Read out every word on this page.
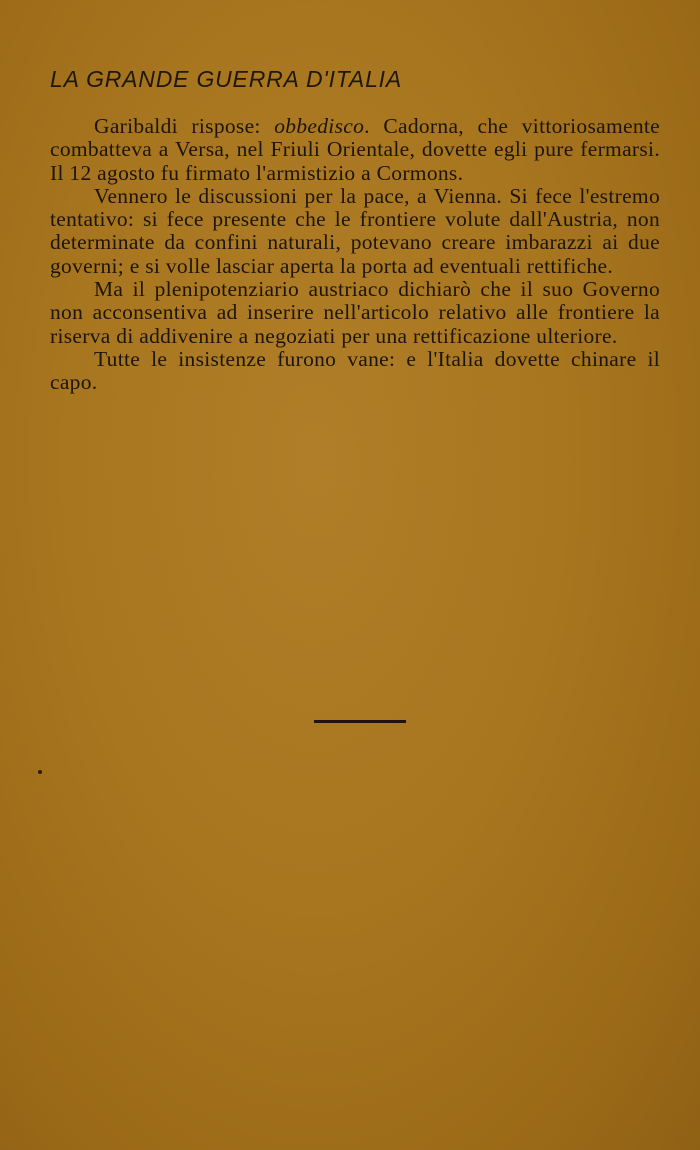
LA GRANDE GUERRA D'ITALIA

Garibaldi rispose: obbedisco. Cadorna, che vittoriosamente combatteva a Versa, nel Friuli Orientale, dovette egli pure fermarsi. Il 12 agosto fu firmato l'armistizio a Cormons.

Vennero le discussioni per la pace, a Vienna. Si fece l'estremo tentativo: si fece presente che le frontiere volute dall'Austria, non determinate da confini naturali, potevano creare imbarazzi ai due governi; e si volle lasciar aperta la porta ad eventuali rettifiche.

Ma il plenipotenziario austriaco dichiarò che il suo Governo non acconsentiva ad inserire nell'articolo relativo alle frontiere la riserva di addivenire a negoziati per una rettificazione ulteriore.

Tutte le insistenze furono vane: e l'Italia dovette chinare il capo.
